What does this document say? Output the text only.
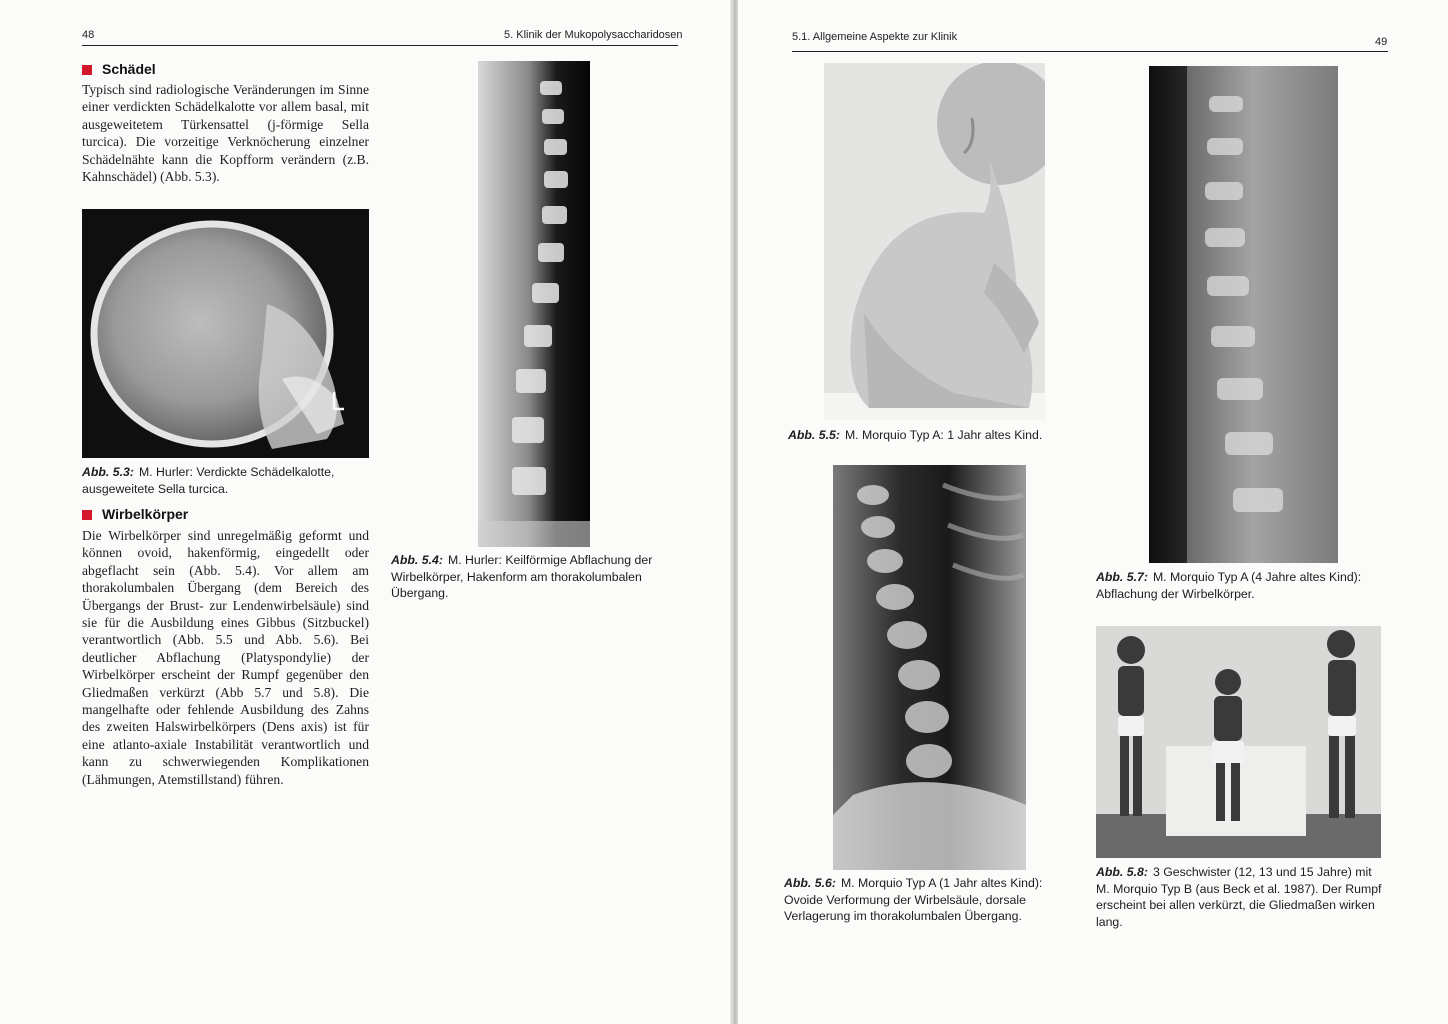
48	5. Klinik der Mukopolysaccharidosen
Schädel
Typisch sind radiologische Veränderungen im Sinne einer verdickten Schädelkalotte vor allem basal, mit ausgeweitetem Türkensattel (j-förmige Sella turcica). Die vorzeitige Verknöcherung einzelner Schädelnähte kann die Kopfform verändern (z.B. Kahnschädel) (Abb. 5.3).
Abb. 5.3: M. Hurler: Verdickte Schädelkalotte, ausgeweitete Sella turcica.
Wirbelkörper
Die Wirbelkörper sind unregelmäßig geformt und können ovoid, hakenförmig, eingedellt oder abgeflacht sein (Abb. 5.4). Vor allem am thorakolumbalen Übergang (dem Bereich des Übergangs der Brust- zur Lendenwirbelsäule) sind sie für die Ausbildung eines Gibbus (Sitzbuckel) verantwortlich (Abb. 5.5 und Abb. 5.6). Bei deutlicher Abflachung (Platyspondylie) der Wirbelkörper erscheint der Rumpf gegenüber den Gliedmaßen verkürzt (Abb 5.7 und 5.8). Die mangelhafte oder fehlende Ausbildung des Zahns des zweiten Halswirbelkörpers (Dens axis) ist für eine atlanto-axiale Instabilität verantwortlich und kann zu schwerwiegenden Komplikationen (Lähmungen, Atemstillstand) führen.
Abb. 5.4: M. Hurler: Keilförmige Abflachung der Wirbelkörper, Hakenform am thorakolumbalen Übergang.
5.1. Allgemeine Aspekte zur Klinik	49
Abb. 5.5: M. Morquio Typ A: 1 Jahr altes Kind.
Abb. 5.6: M. Morquio Typ A (1 Jahr altes Kind): Ovoide Verformung der Wirbelsäule, dorsale Verlagerung im thorakolumbalen Übergang.
Abb. 5.7: M. Morquio Typ A (4 Jahre altes Kind): Abflachung der Wirbelkörper.
Abb. 5.8: 3 Geschwister (12, 13 und 15 Jahre) mit M. Morquio Typ B (aus Beck et al. 1987). Der Rumpf erscheint bei allen verkürzt, die Gliedmaßen wirken lang.
